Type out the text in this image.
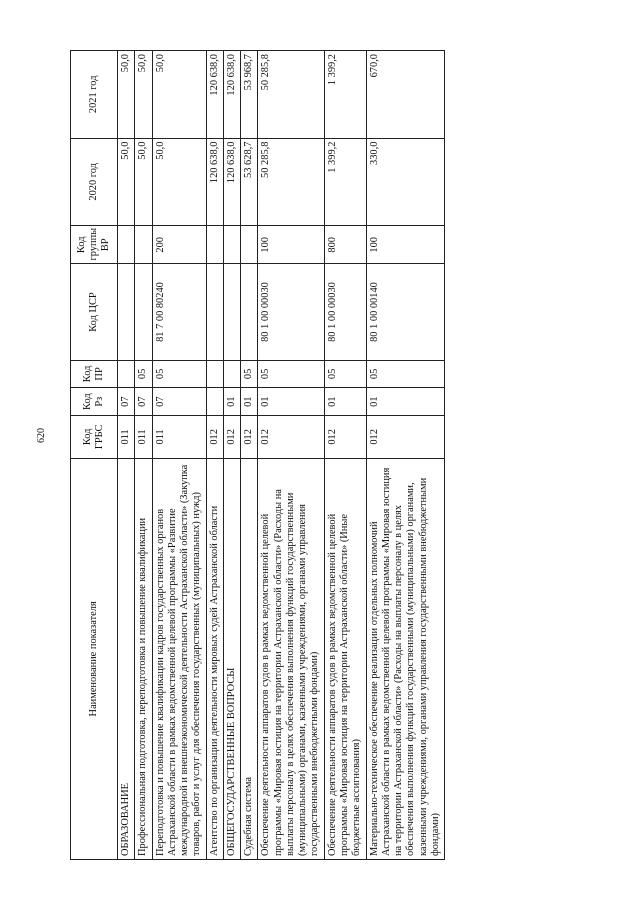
620
Наименование показателя	Код ГРБС	Код Рз	Код ПР	Код ЦСР	Код группы ВР	2020 год	2021 год
ОБРАЗОВАНИЕ	011	07				50,0	50,0
Профессиональная подготовка, переподготовка и повышение квалификации	011	07	05			50,0	50,0
Переподготовка и повышение квалификации кадров государственных органов Астраханской области в рамках ведомственной целевой программы «Развитие международной и внешнеэкономической деятельности Астраханской области» (Закупка товаров, работ и услуг для обеспечения государственных (муниципальных) нужд)	011	07	05	81 7 00 80240	200	50,0	50,0
Агентство по организации деятельности мировых судей Астраханской области	012					120 638,0	120 638,0
ОБЩЕГОСУДАРСТВЕННЫЕ ВОПРОСЫ	012	01				120 638,0	120 638,0
Судебная система	012	01	05			53 628,7	53 968,7
Обеспечение деятельности аппаратов судов в рамках ведомственной целевой программы «Мировая юстиция на территории Астраханской области» (Расходы на выплаты персоналу в целях обеспечения выполнения функций государственными (муниципальными) органами, казенными учреждениями, органами управления государственными внебюджетными фондами)	012	01	05	80 1 00 00030	100	50 285,8	50 285,8
Обеспечение деятельности аппаратов судов в рамках ведомственной целевой программы «Мировая юстиция на территории Астраханской области» (Иные бюджетные ассигнования)	012	01	05	80 1 00 00030	800	1 399,2	1 399,2
Материально-техническое обеспечение реализации отдельных полномочий Астраханской области в рамках ведомственной целевой программы «Мировая юстиция на территории Астраханской области» (Расходы на выплаты персоналу в целях обеспечения выполнения функций государственными (муниципальными) органами, казенными учреждениями, органами управления государственными внебюджетными фондами)	012	01	05	80 1 00 00140	100	330,0	670,0
